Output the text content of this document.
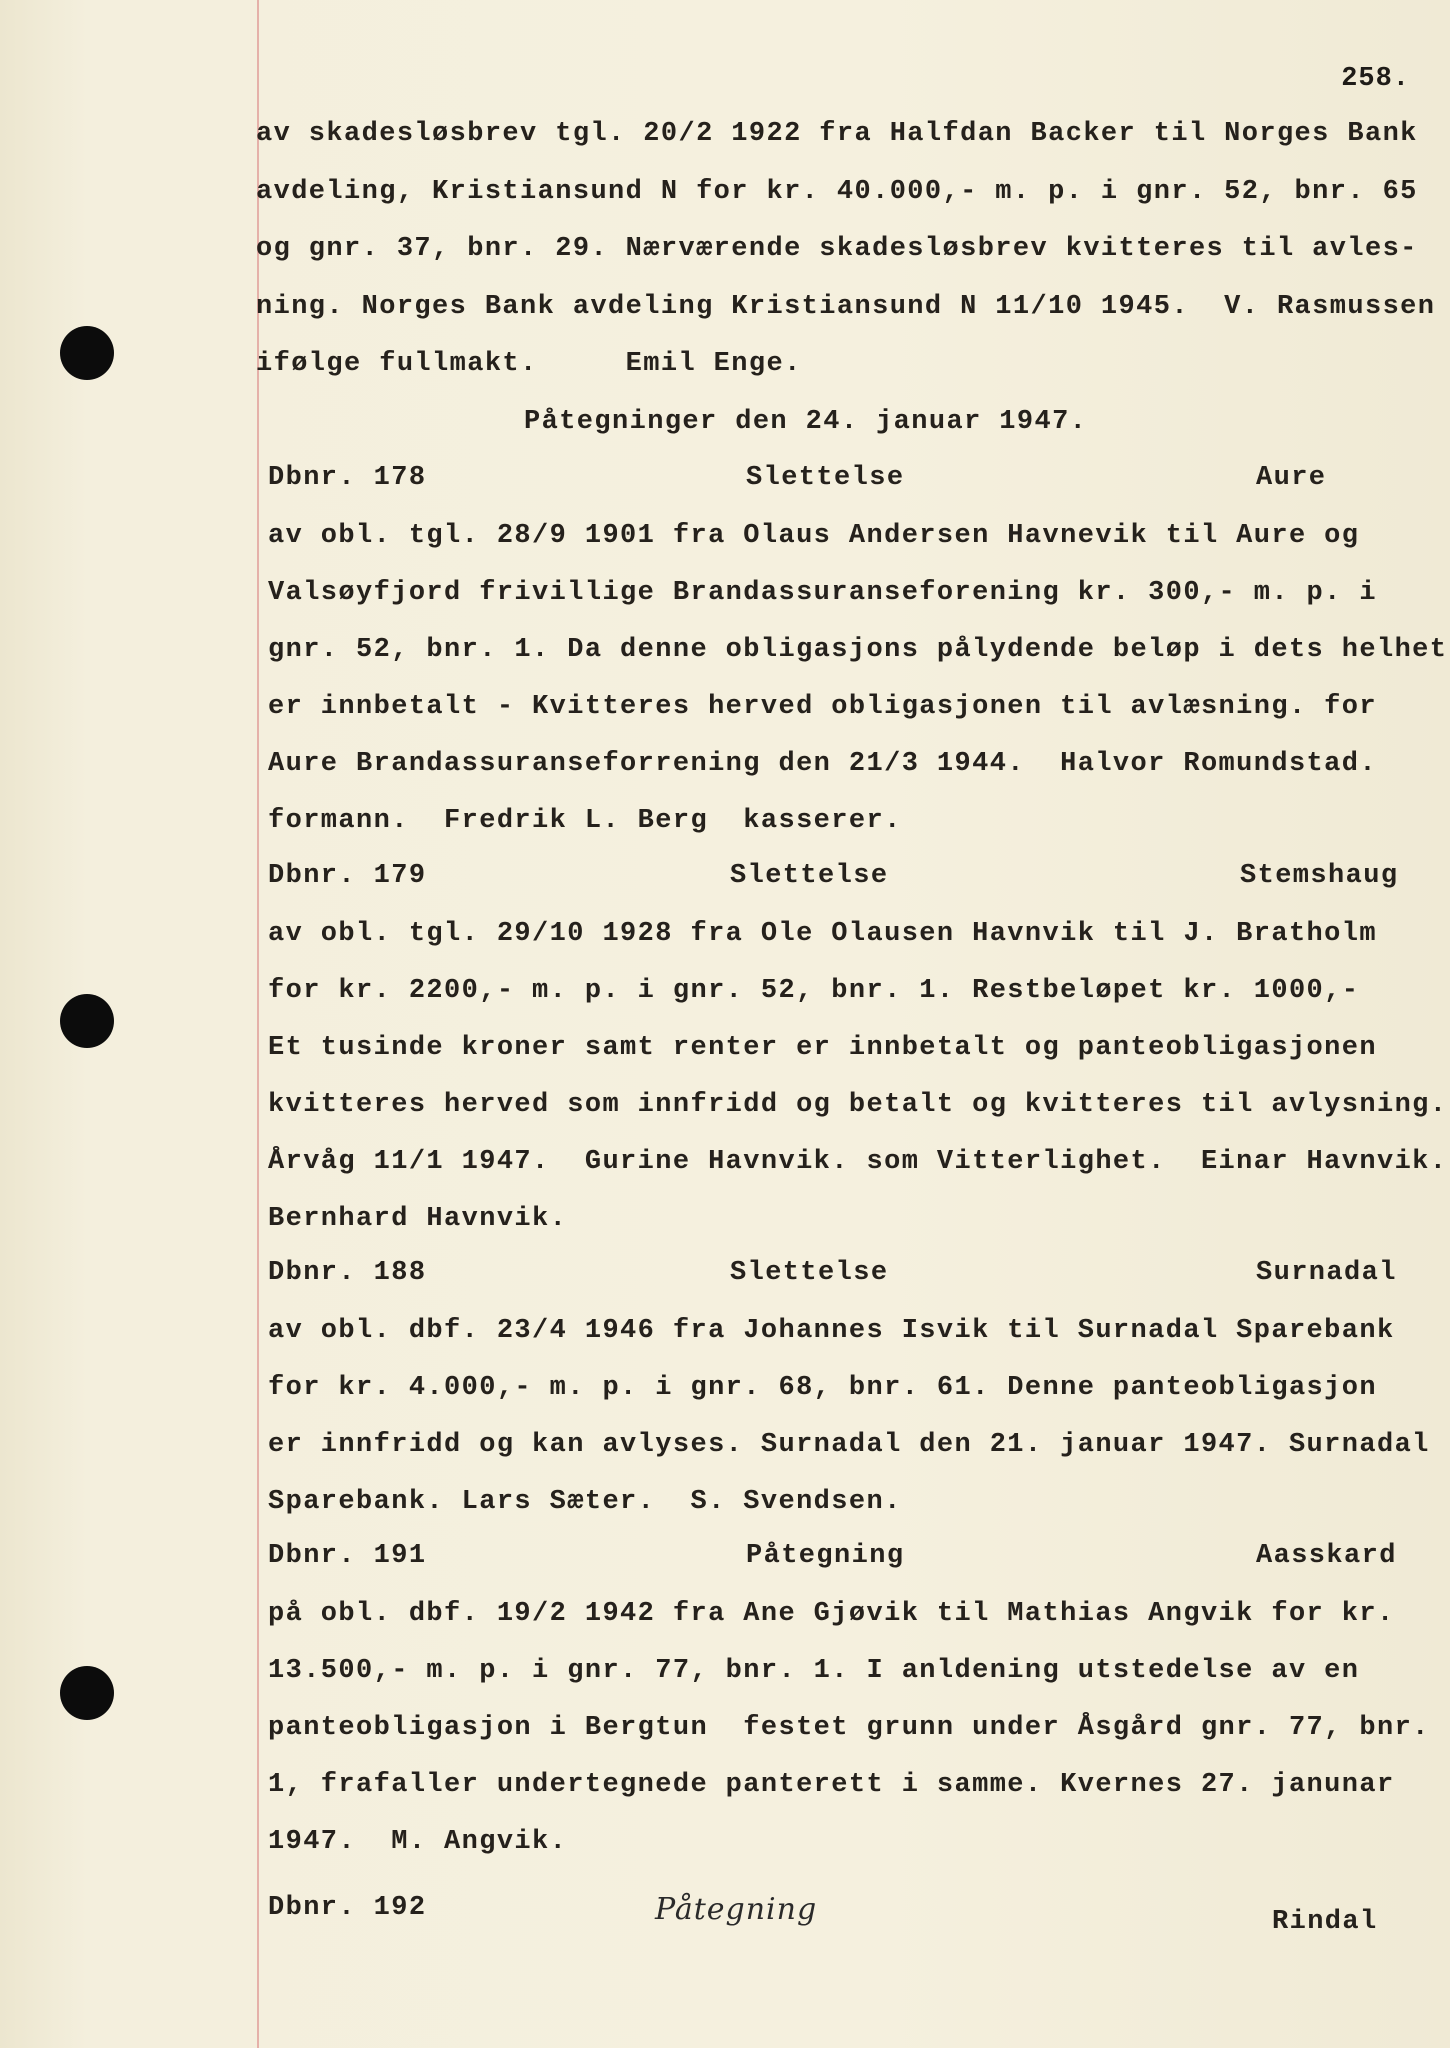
258.
av skadesløsbrev tgl. 20/2 1922 fra Halfdan Backer til Norges Bank
avdeling, Kristiansund N for kr. 40.000,- m. p. i gnr. 52, bnr. 65
og gnr. 37, bnr. 29. Nærværende skadesløsbrev kvitteres til avles-
ning. Norges Bank avdeling Kristiansund N 11/10 1945.  V. Rasmussen
ifølge fullmakt.     Emil Enge.
Påtegninger den 24. januar 1947.
Dbnr. 178	Slettelse	Aure
av obl. tgl. 28/9 1901 fra Olaus Andersen Havnevik til Aure og
Valsøyfjord frivillige Brandassuranseforening kr. 300,- m. p. i
gnr. 52, bnr. 1. Da denne obligasjons pålydende beløp i dets helhet
er innbetalt - Kvitteres herved obligasjonen til avlæsning. for
Aure Brandassuranseforrening den 21/3 1944.  Halvor Romundstad.
formann.  Fredrik L. Berg  kasserer.
Dbnr. 179	Slettelse	Stemshaug
av obl. tgl. 29/10 1928 fra Ole Olausen Havnvik til J. Bratholm
for kr. 2200,- m. p. i gnr. 52, bnr. 1. Restbeløpet kr. 1000,-
Et tusinde kroner samt renter er innbetalt og panteobligasjonen
kvitteres herved som innfridd og betalt og kvitteres til avlysning.
Årvåg 11/1 1947.  Gurine Havnvik. som Vitterlighet.  Einar Havnvik.
Bernhard Havnvik.
Dbnr. 188	Slettelse	Surnadal
av obl. dbf. 23/4 1946 fra Johannes Isvik til Surnadal Sparebank
for kr. 4.000,- m. p. i gnr. 68, bnr. 61. Denne panteobligasjon
er innfridd og kan avlyses. Surnadal den 21. januar 1947. Surnadal
Sparebank. Lars Sæter.  S. Svendsen.
Dbnr. 191	Påtegning	Aasskard
på obl. dbf. 19/2 1942 fra Ane Gjøvik til Mathias Angvik for kr.
13.500,- m. p. i gnr. 77, bnr. 1. I anldening utstedelse av en
panteobligasjon i Bergtun  festet grunn under Åsgård gnr. 77, bnr.
1, frafaller undertegnede panterett i samme. Kvernes 27. janunar
1947.  M. Angvik.
Dbnr. 192	Påtegning	Rindal
